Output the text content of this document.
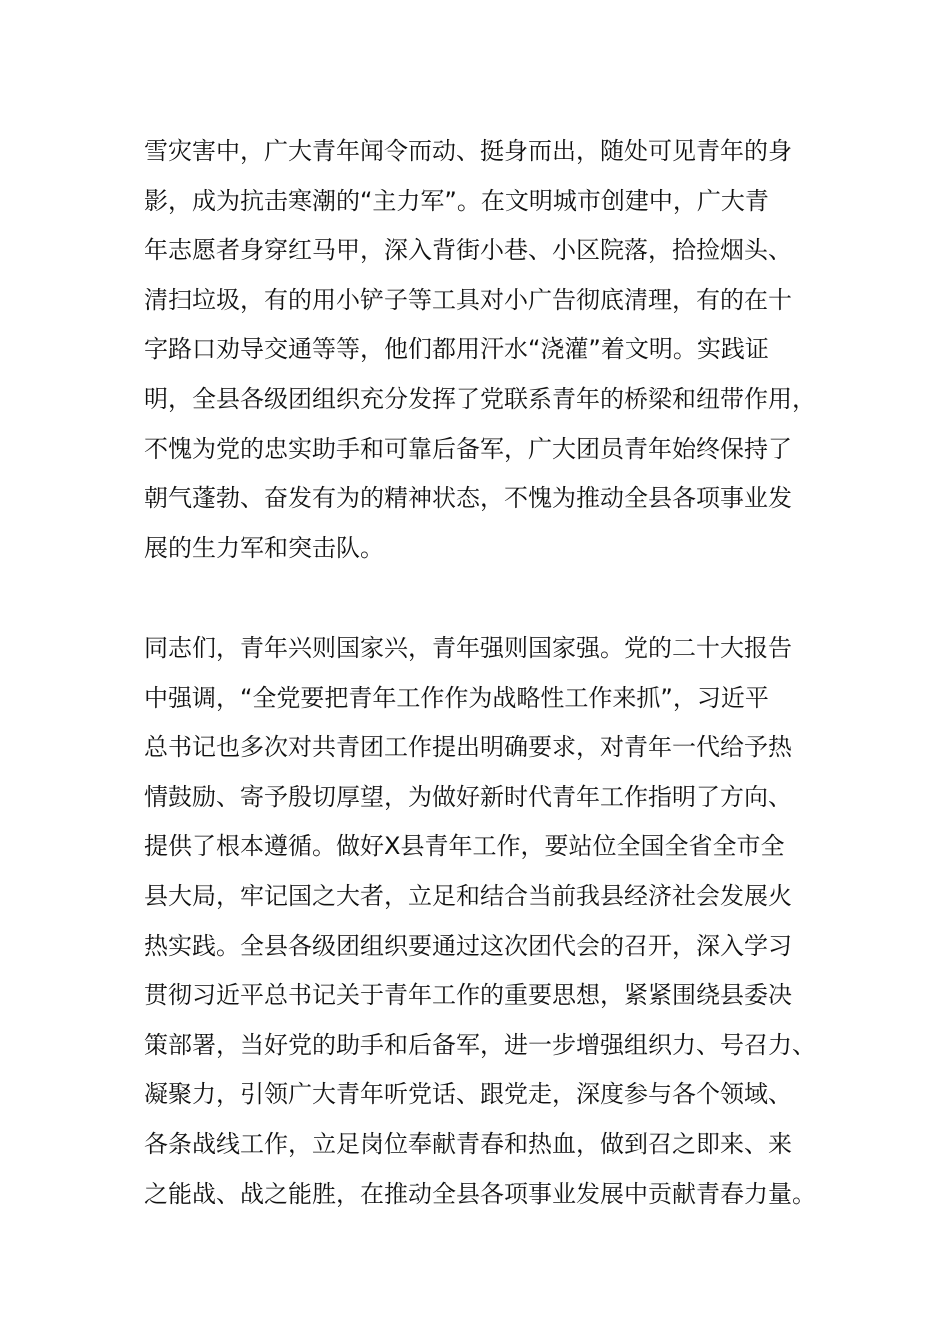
雪灾害中，广大青年闻令而动、挺身而出，随处可见青年的身
影，成为抗击寒潮的“主力军”。在文明城市创建中，广大青
年志愿者身穿红马甲，深入背街小巷、小区院落，拾捡烟头、
清扫垃圾，有的用小铲子等工具对小广告彻底清理，有的在十
字路口劝导交通等等，他们都用汗水“浇灌”着文明。实践证
明，全县各级团组织充分发挥了党联系青年的桥梁和纽带作用，
不愧为党的忠实助手和可靠后备军，广大团员青年始终保持了
朝气蓬勃、奋发有为的精神状态，不愧为推动全县各项事业发
展的生力军和突击队。
同志们，青年兴则国家兴，青年强则国家强。党的二十大报告
中强调，“全党要把青年工作作为战略性工作来抓”，习近平
总书记也多次对共青团工作提出明确要求，对青年一代给予热
情鼓励、寄予殷切厚望，为做好新时代青年工作指明了方向、
提供了根本遵循。做好X县青年工作，要站位全国全省全市全
县大局，牢记国之大者，立足和结合当前我县经济社会发展火
热实践。全县各级团组织要通过这次团代会的召开，深入学习
贯彻习近平总书记关于青年工作的重要思想，紧紧围绕县委决
策部署，当好党的助手和后备军，进一步增强组织力、号召力、
凝聚力，引领广大青年听党话、跟党走，深度参与各个领域、
各条战线工作，立足岗位奉献青春和热血，做到召之即来、来
之能战、战之能胜，在推动全县各项事业发展中贡献青春力量。
